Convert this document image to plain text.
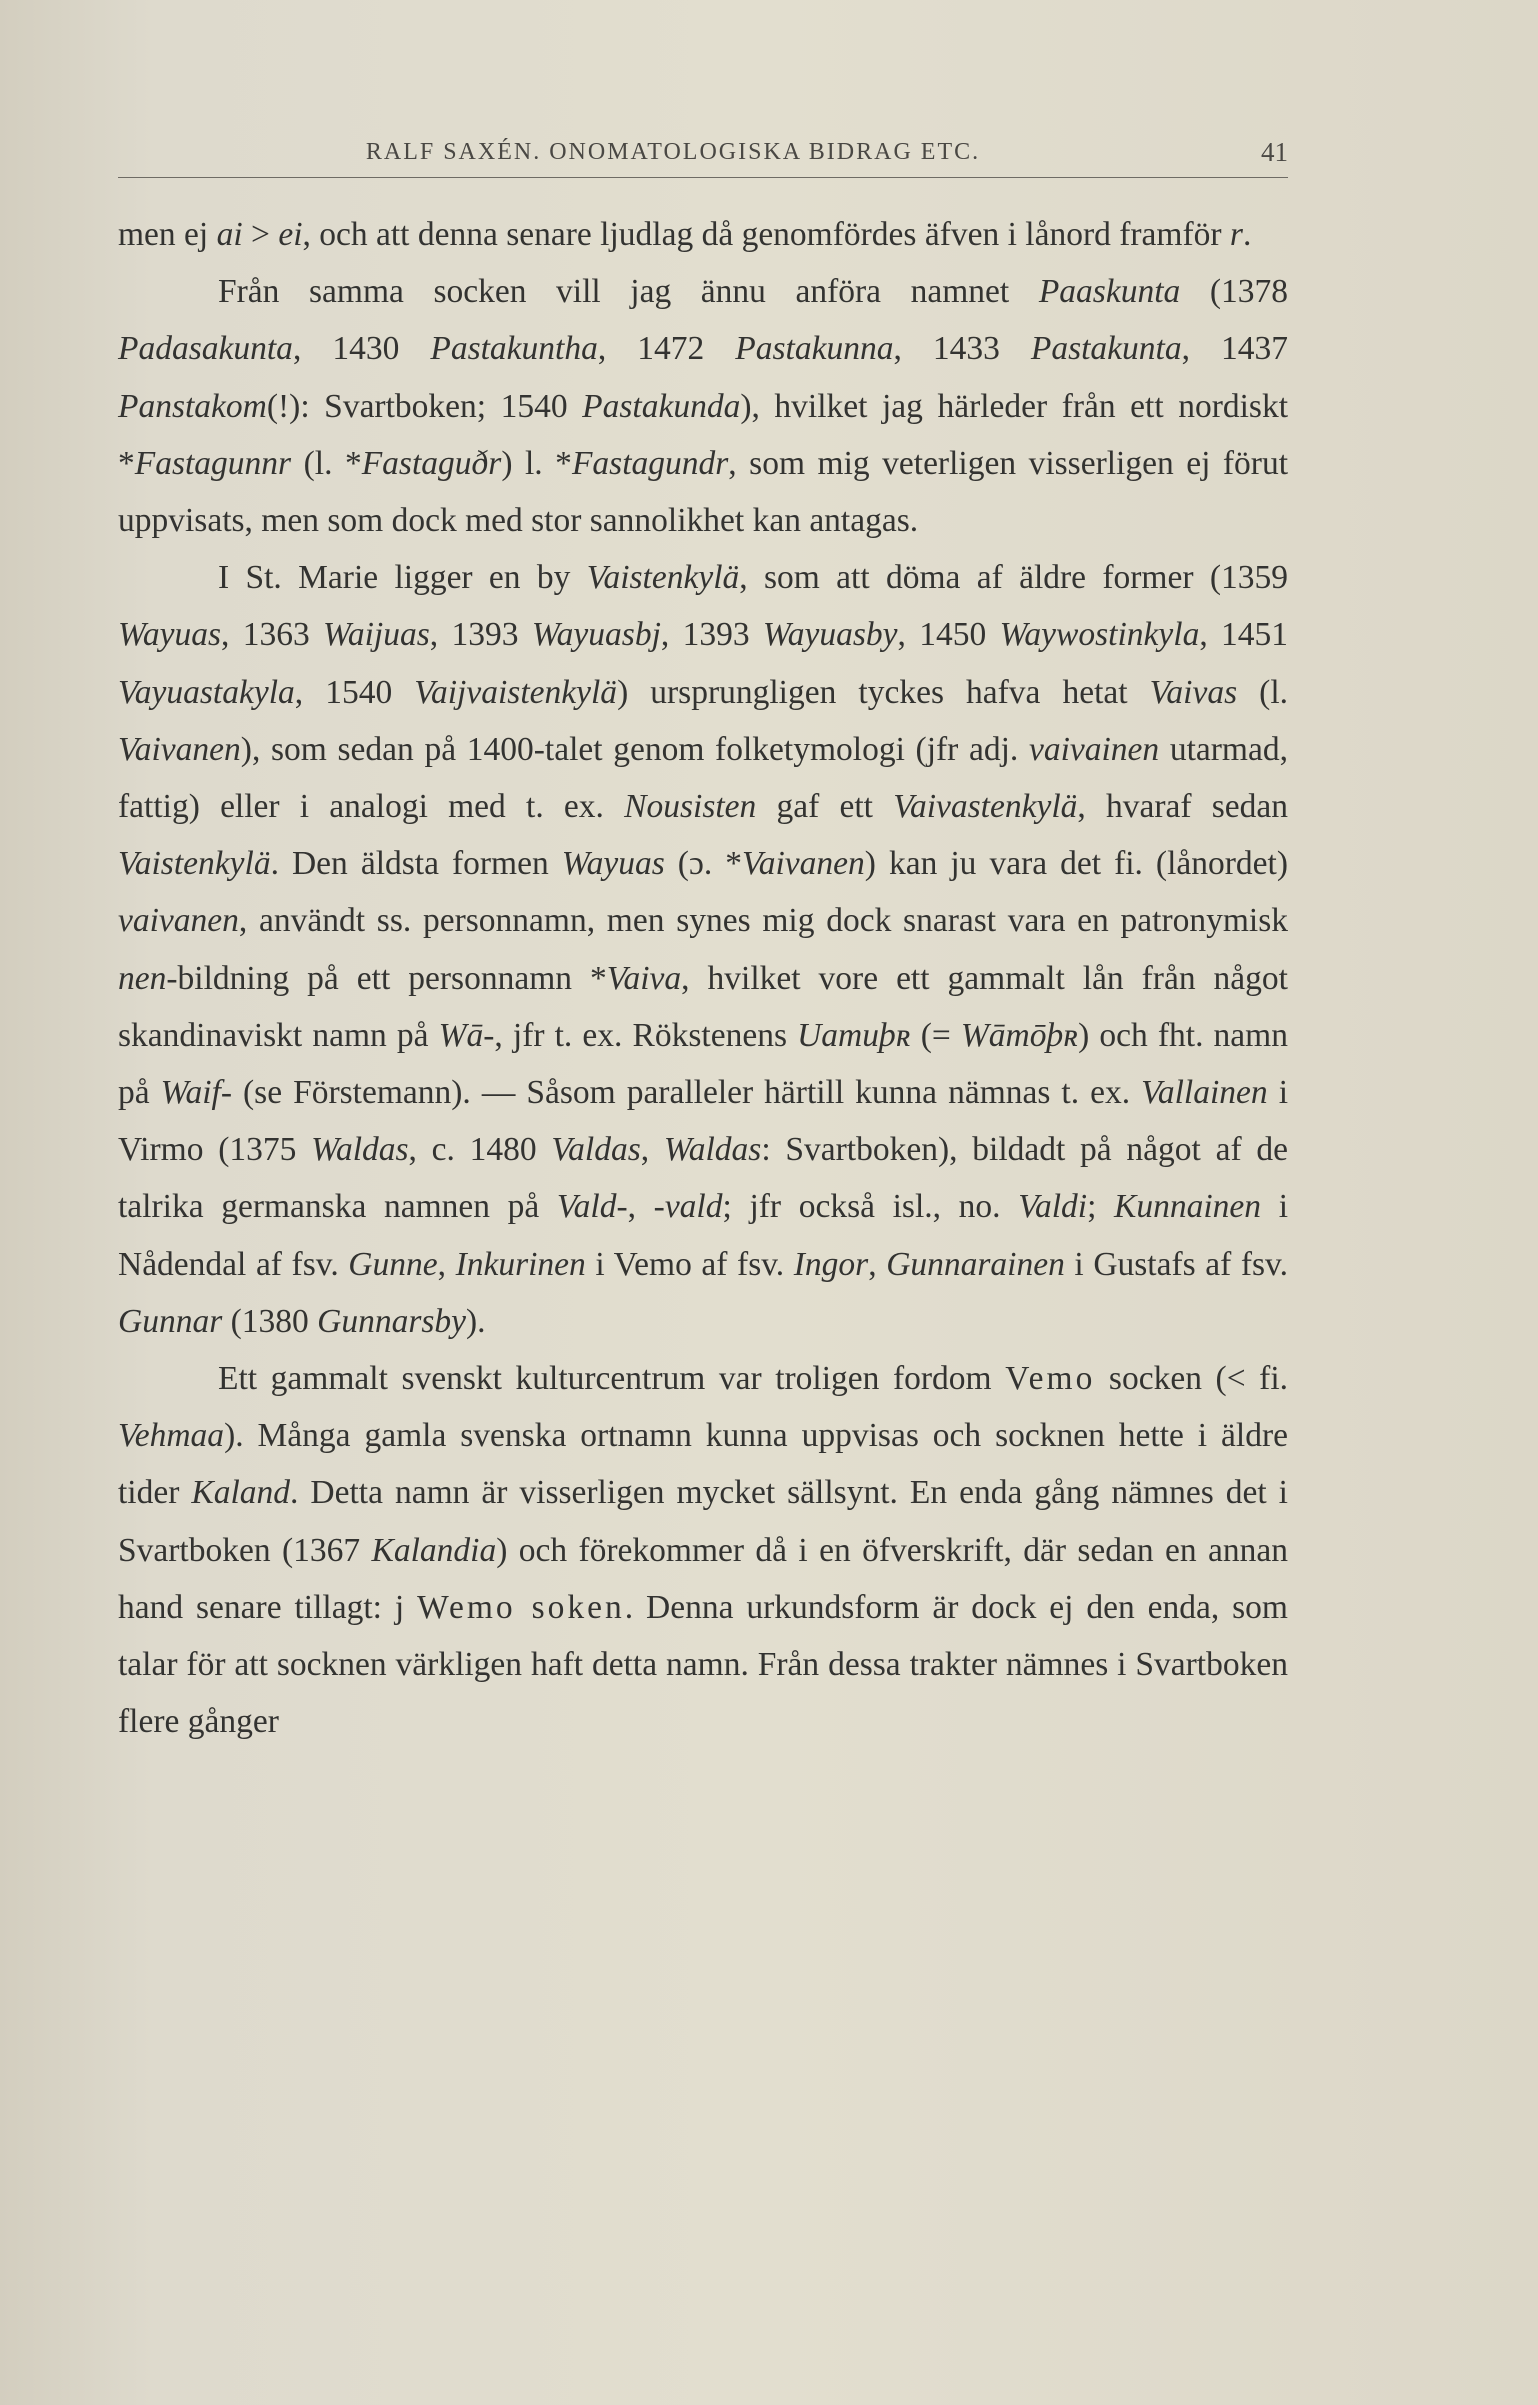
RALF SAXÉN. ONOMATOLOGISKA BIDRAG ETC.	41

men ej ai > ei, och att denna senare ljudlag då genomfördes äfven i lånord framför r.

Från samma socken vill jag ännu anföra namnet Paaskunta (1378 Padasakunta, 1430 Pastakuntha, 1472 Pastakunna, 1433 Pastakunta, 1437 Panstakom(!): Svartboken; 1540 Pastakunda), hvilket jag härleder från ett nordiskt *Fastagunnr (l. *Fastaguðr) l. *Fastagundr, som mig veterligen visserligen ej förut uppvisats, men som dock med stor sannolikhet kan antagas.

I St. Marie ligger en by Vaistenkylä, som att döma af äldre former (1359 Wayuas, 1363 Waijuas, 1393 Wayuasbj, 1393 Wayuasby, 1450 Waywostinkyla, 1451 Vayuastakyla, 1540 Vaijvaistenkylä) ursprungligen tyckes hafva hetat Vaivas (l. Vaivanen), som sedan på 1400-talet genom folketymologi (jfr adj. vaivainen utarmad, fattig) eller i analogi med t. ex. Nousisten gaf ett Vaivastenkylä, hvaraf sedan Vaistenkylä. Den äldsta formen Wayuas (ɔ. *Vaivanen) kan ju vara det fi. (lånordet) vaivanen, användt ss. personnamn, men synes mig dock snarast vara en patronymisk nen-bildning på ett personnamn *Vaiva, hvilket vore ett gammalt lån från något skandinaviskt namn på Wā-, jfr t. ex. Rökstenens Uamuþʀ (= Wāmōþʀ) och fht. namn på Waif- (se Förstemann). — Såsom paralleler härtill kunna nämnas t. ex. Vallainen i Virmo (1375 Waldas, c. 1480 Valdas, Waldas: Svartboken), bildadt på något af de talrika germanska namnen på Vald-, -vald; jfr också isl., no. Valdi; Kunnainen i Nådendal af fsv. Gunne, Inkurinen i Vemo af fsv. Ingor, Gunnarainen i Gustafs af fsv. Gunnar (1380 Gunnarsby).

Ett gammalt svenskt kulturcentrum var troligen fordom Vemo socken (< fi. Vehmaa). Många gamla svenska ortnamn kunna uppvisas och socknen hette i äldre tider Kaland. Detta namn är visserligen mycket sällsynt. En enda gång nämnes det i Svartboken (1367 Kalandia) och förekommer då i en öfverskrift, där sedan en annan hand senare tillagt: j Wemo soken. Denna urkundsform är dock ej den enda, som talar för att socknen värkligen haft detta namn. Från dessa trakter nämnes i Svartboken flere gånger
